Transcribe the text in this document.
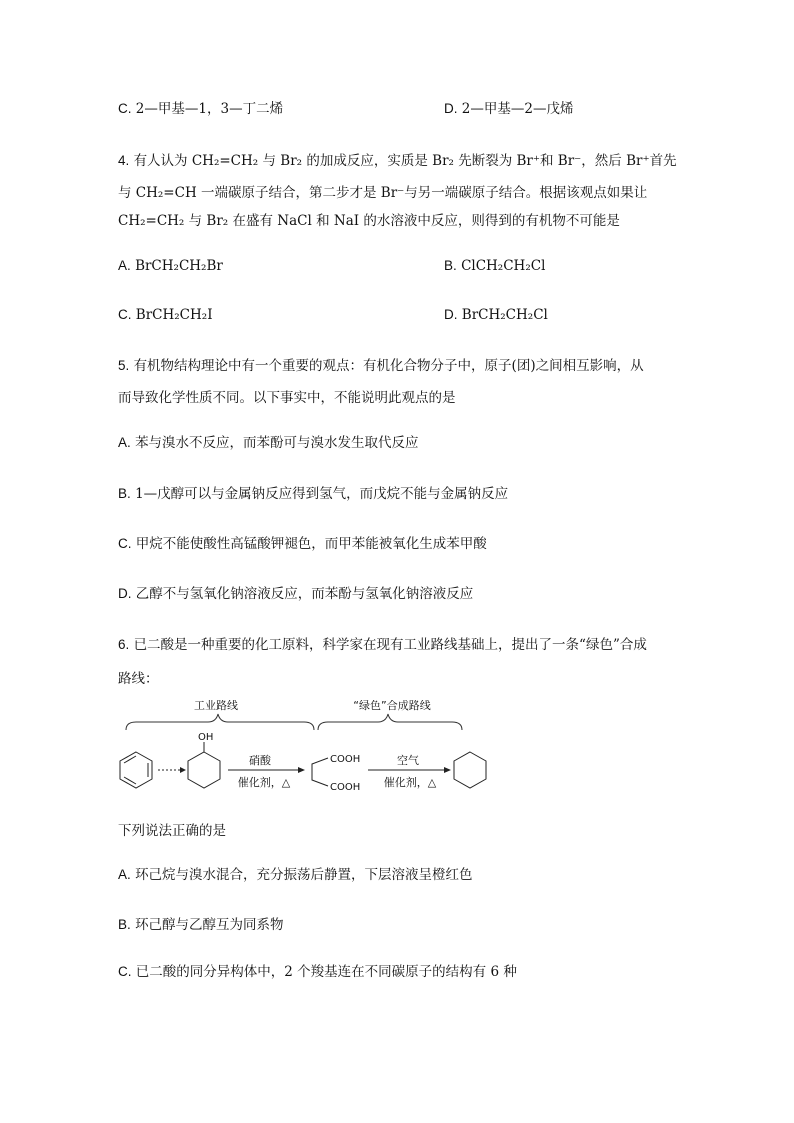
C. 2—甲基—1，3—丁二烯	D. 2—甲基—2—戊烯
4. 有人认为 CH₂=CH₂ 与 Br₂ 的加成反应，实质是 Br₂ 先断裂为 Br⁺和 Br⁻，然后 Br⁺首先
与 CH₂=CH 一端碳原子结合，第二步才是 Br⁻与另一端碳原子结合。根据该观点如果让
CH₂=CH₂ 与 Br₂ 在盛有 NaCl 和 NaI 的水溶液中反应，则得到的有机物不可能是
A. BrCH₂CH₂Br	B. ClCH₂CH₂Cl
C. BrCH₂CH₂I	D. BrCH₂CH₂Cl
5. 有机物结构理论中有一个重要的观点：有机化合物分子中，原子(团)之间相互影响，从
而导致化学性质不同。以下事实中，不能说明此观点的是
A. 苯与溴水不反应，而苯酚可与溴水发生取代反应
B. 1—戊醇可以与金属钠反应得到氢气，而戊烷不能与金属钠反应
C. 甲烷不能使酸性高锰酸钾褪色，而甲苯能被氧化生成苯甲酸
D. 乙醇不与氢氧化钠溶液反应，而苯酚与氢氧化钠溶液反应
6. 已二酸是一种重要的化工原料，科学家在现有工业路线基础上，提出了一条“绿色”合成
路线：
工业路线	“绿色”合成路线
OH
硝酸
催化剂，△
COOH
COOH
空气
催化剂，△
下列说法正确的是
A. 环己烷与溴水混合，充分振荡后静置，下层溶液呈橙红色
B. 环己醇与乙醇互为同系物
C. 已二酸的同分异构体中，2 个羧基连在不同碳原子的结构有 6 种
